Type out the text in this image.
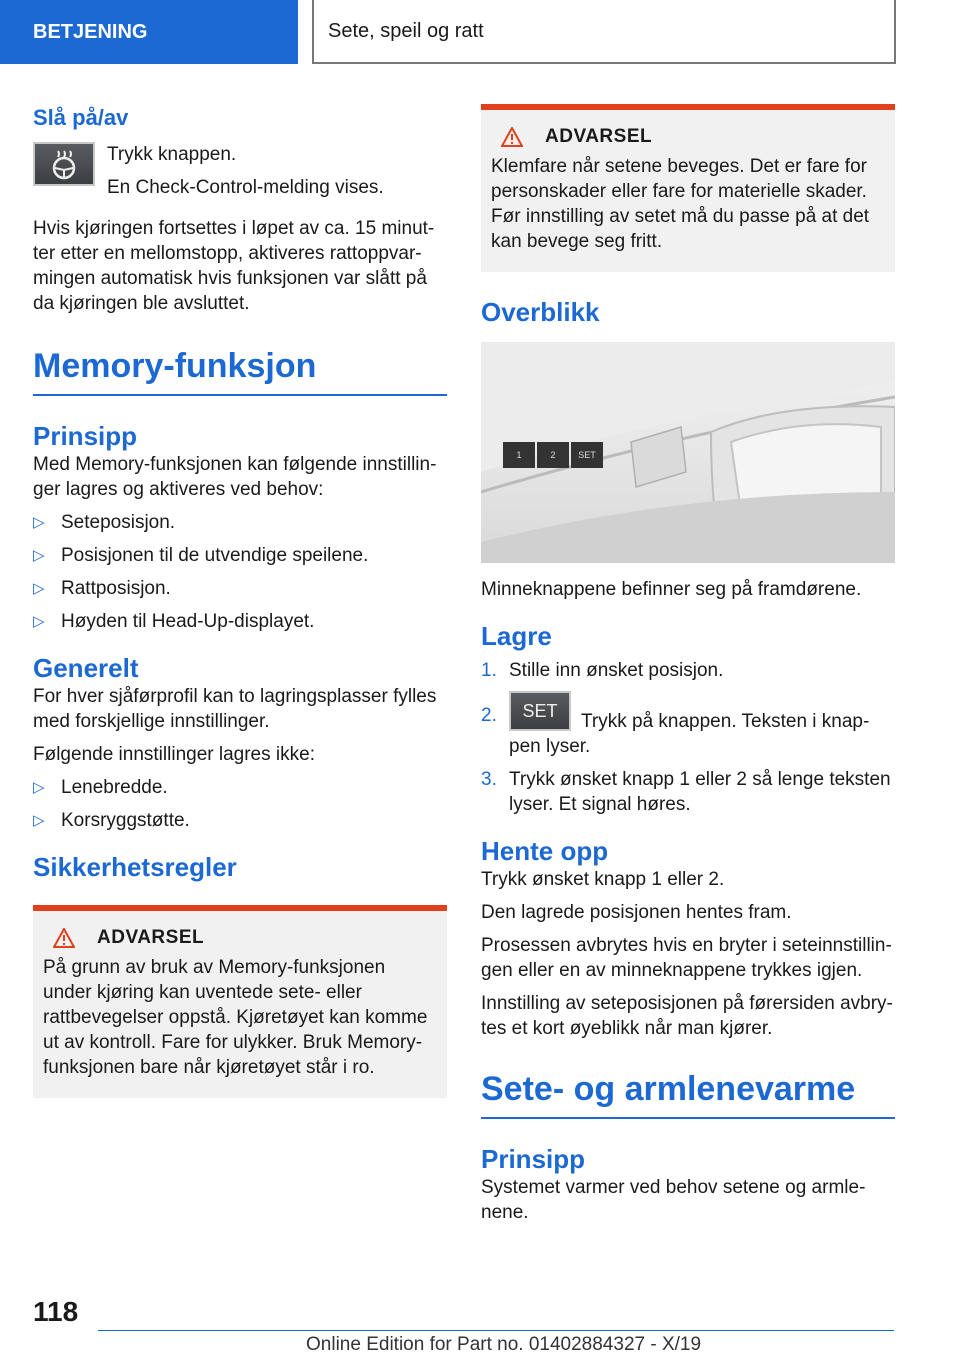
BETJENING	Sete, speil og ratt
Slå på/av
Trykk knappen.
En Check-Control-melding vises.
Hvis kjøringen fortsettes i løpet av ca. 15 minut-ter etter en mellomstopp, aktiveres rattoppvar-mingen automatisk hvis funksjonen var slått på da kjøringen ble avsluttet.
Memory-funksjon
Prinsipp
Med Memory-funksjonen kan følgende innstillin-ger lagres og aktiveres ved behov:
▷ Seteposisjon.
▷ Posisjonen til de utvendige speilene.
▷ Rattposisjon.
▷ Høyden til Head-Up-displayet.
Generelt
For hver sjåførprofil kan to lagringsplasser fylles med forskjellige innstillinger.
Følgende innstillinger lagres ikke:
▷ Lenebredde.
▷ Korsryggstøtte.
Sikkerhetsregler
ADVARSEL
På grunn av bruk av Memory-funksjonen under kjøring kan uventede sete- eller rattbevegelser oppstå. Kjøretøyet kan komme ut av kontroll. Fare for ulykker. Bruk Memory-funksjonen bare når kjøretøyet står i ro.
ADVARSEL
Klemfare når setene beveges. Det er fare for personskader eller fare for materielle skader. Før innstilling av setet må du passe på at det kan bevege seg fritt.
Overblikk
1	2	SET
Minneknappene befinner seg på framdørene.
Lagre
1. Stille inn ønsket posisjon.
2.	SET
Trykk på knappen. Teksten i knap-pen lyser.
3. Trykk ønsket knapp 1 eller 2 så lenge teksten lyser. Et signal høres.
Hente opp
Trykk ønsket knapp 1 eller 2.
Den lagrede posisjonen hentes fram.
Prosessen avbrytes hvis en bryter i seteinnstillin-gen eller en av minneknappene trykkes igjen.
Innstilling av seteposisjonen på førersiden avbry-tes et kort øyeblikk når man kjører.
Sete- og armlenevarme
Prinsipp
Systemet varmer ved behov setene og armle-nene.
118
Online Edition for Part no. 01402884327 - X/19
